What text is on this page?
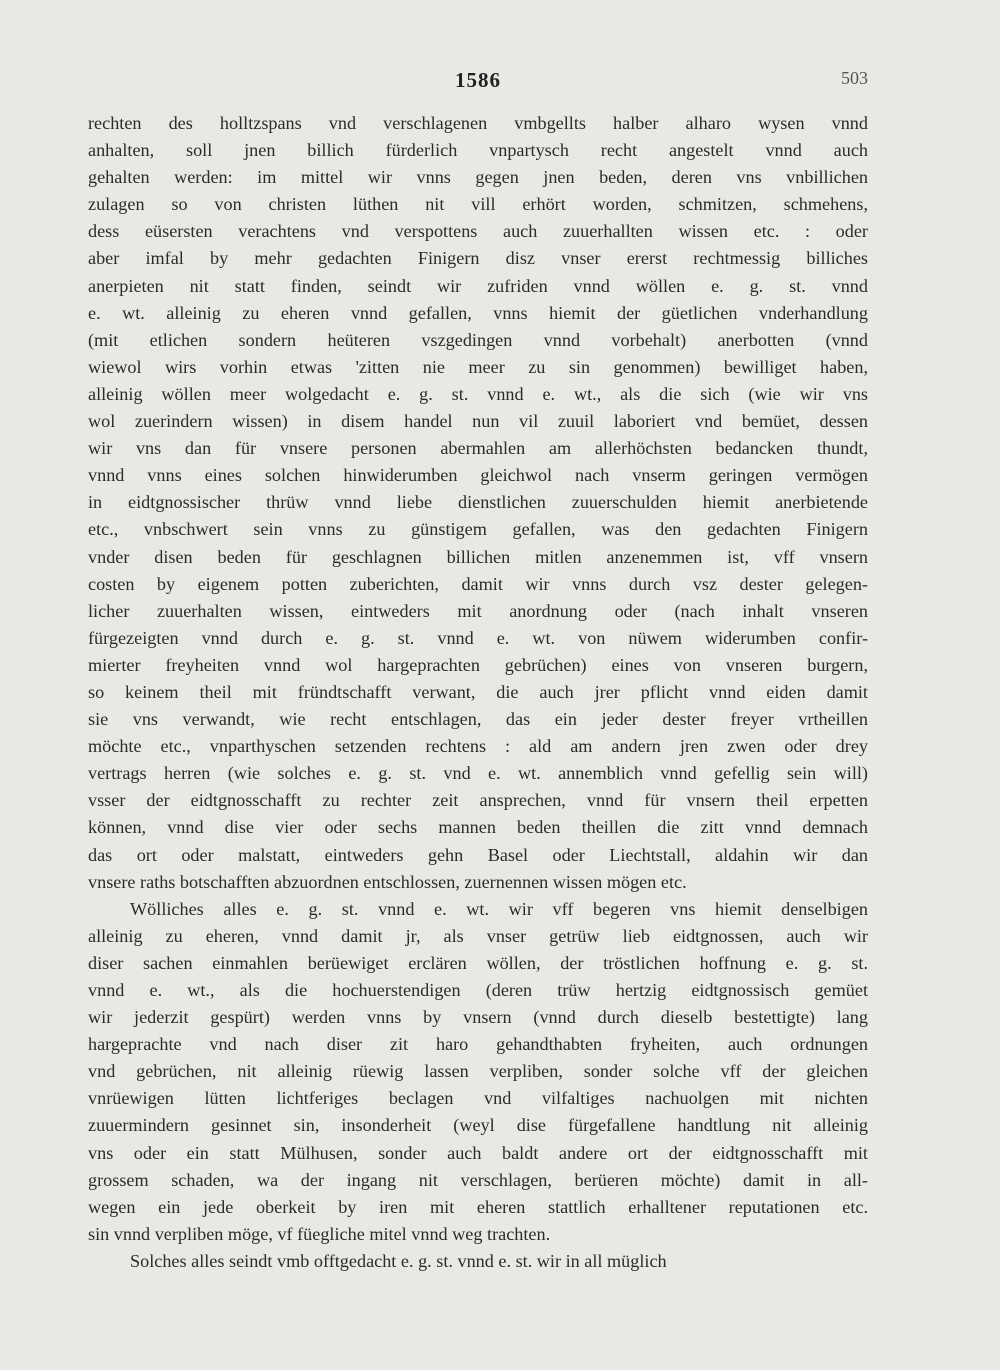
1586	503
rechten des holltzspans vnd verschlagenen vmbgellts halber alharo wysen vnnd
anhalten, soll jnen billich fürderlich vnpartysch recht angestelt vnnd auch
gehalten werden: im mittel wir vnns gegen jnen beden, deren vns vnbillichen
zulagen so von christen lüthen nit vill erhört worden, schmitzen, schmehens,
dess eüsersten verachtens vnd verspottens auch zuuerhallten wissen etc. : oder
aber imfal by mehr gedachten Finigern disz vnser ererst rechtmessig billiches
anerpieten nit statt finden, seindt wir zufriden vnnd wöllen e. g. st. vnnd
e. wt. alleinig zu eheren vnnd gefallen, vnns hiemit der güetlichen vnderhandlung
(mit etlichen sondern heüteren vszgedingen vnnd vorbehalt) anerbotten (vnnd
wiewol wirs vorhin etwas 'zitten nie meer zu sin genommen) bewilliget haben,
alleinig wöllen meer wolgedacht e. g. st. vnnd e. wt., als die sich (wie wir vns
wol zuerindern wissen) in disem handel nun vil zuuil laboriert vnd bemüet, dessen
wir vns dan für vnsere personen abermahlen am allerhöchsten bedancken thundt,
vnnd vnns eines solchen hinwiderumben gleichwol nach vnserm geringen vermögen
in eidtgnossischer thrüw vnnd liebe dienstlichen zuuerschulden hiemit anerbietende
etc., vnbschwert sein vnns zu günstigem gefallen, was den gedachten Finigern
vnder disen beden für geschlagnen billichen mitlen anzenemmen ist, vff vnsern
costen by eigenem potten zuberichten, damit wir vnns durch vsz dester gelegen-
licher zuuerhalten wissen, eintweders mit anordnung oder (nach inhalt vnseren
fürgezeigten vnnd durch e. g. st. vnnd e. wt. von nüwem widerumben confir-
mierter freyheiten vnnd wol hargeprachten gebrüchen) eines von vnseren burgern,
so keinem theil mit fründtschafft verwant, die auch jrer pflicht vnnd eiden damit
sie vns verwandt, wie recht entschlagen, das ein jeder dester freyer vrtheillen
möchte etc., vnparthyschen setzenden rechtens : ald am andern jren zwen oder drey
vertrags herren (wie solches e. g. st. vnd e. wt. annemblich vnnd gefellig sein will)
vsser der eidtgnosschafft zu rechter zeit ansprechen, vnnd für vnsern theil erpetten
können, vnnd dise vier oder sechs mannen beden theillen die zitt vnnd demnach
das ort oder malstatt, eintweders gehn Basel oder Liechtstall, aldahin wir dan
vnsere raths botschafften abzuordnen entschlossen, zuernennen wissen mögen etc.
Wölliches alles e. g. st. vnnd e. wt. wir vff begeren vns hiemit denselbigen
alleinig zu eheren, vnnd damit jr, als vnser getrüw lieb eidtgnossen, auch wir
diser sachen einmahlen berüewiget erclären wöllen, der tröstlichen hoffnung e. g. st.
vnnd e. wt., als die hochuerstendigen (deren trüw hertzig eidtgnossisch gemüet
wir jederzit gespürt) werden vnns by vnsern (vnnd durch dieselb bestettigte) lang
hargeprachte vnd nach diser zit haro gehandthabten fryheiten, auch ordnungen
vnd gebrüchen, nit alleinig rüewig lassen verpliben, sonder solche vff der gleichen
vnrüewigen lütten lichtferiges beclagen vnd vilfaltiges nachuolgen mit nichten
zuuermindern gesinnet sin, insonderheit (weyl dise fürgefallene handtlung nit alleinig
vns oder ein statt Mülhusen, sonder auch baldt andere ort der eidtgnosschafft mit
grossem schaden, wa der ingang nit verschlagen, berüeren möchte) damit in all-
wegen ein jede oberkeit by iren mit eheren stattlich erhalltener reputationen etc.
sin vnnd verpliben möge, vf füegliche mitel vnnd weg trachten.
Solches alles seindt vmb offtgedacht e. g. st. vnnd e. st. wir in all müglich
